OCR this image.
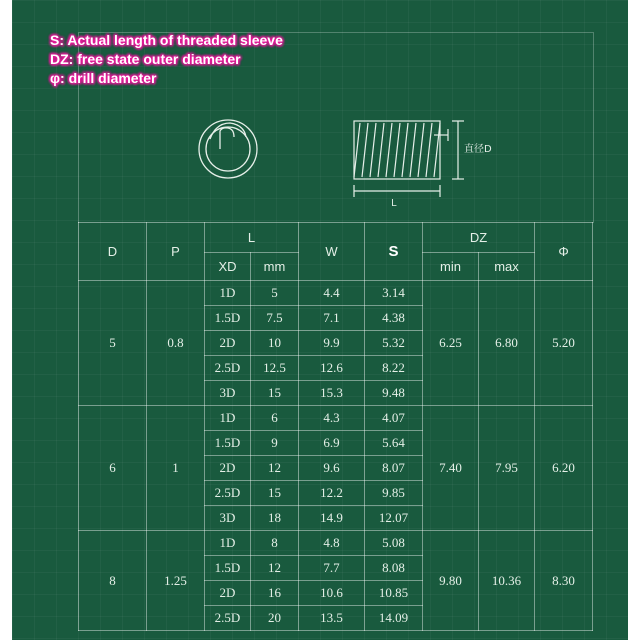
S: Actual length of threaded sleeve
DZ: free state outer diameter
φ: drill diameter
直径D
L
D	P	L		W	S	DZ		Φ
		XD	mm			min	max	
5	0.8	1D	5	4.4	3.14	6.25	6.80	5.20
		1.5D	7.5	7.1	4.38			
		2D	10	9.9	5.32			
		2.5D	12.5	12.6	8.22			
		3D	15	15.3	9.48			
6	1	1D	6	4.3	4.07	7.40	7.95	6.20
		1.5D	9	6.9	5.64			
		2D	12	9.6	8.07			
		2.5D	15	12.2	9.85			
		3D	18	14.9	12.07			
8	1.25	1D	8	4.8	5.08	9.80	10.36	8.30
		1.5D	12	7.7	8.08			
		2D	16	10.6	10.85			
		2.5D	20	13.5	14.09			
